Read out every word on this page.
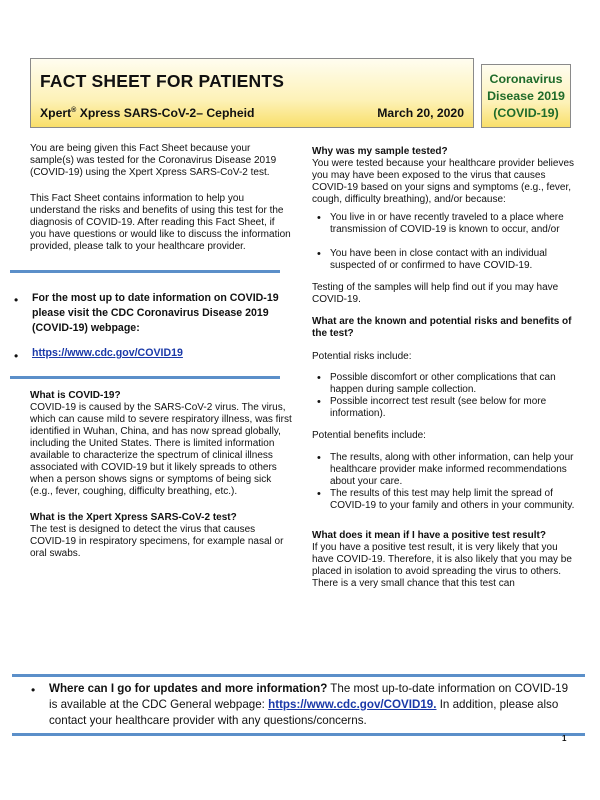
FACT SHEET FOR PATIENTS
Xpert® Xpress SARS-CoV-2– Cepheid	March 20, 2020
Coronavirus
Disease 2019
(COVID-19)
You are being given this Fact Sheet because your sample(s) was tested for the Coronavirus Disease 2019 (COVID-19) using the Xpert Xpress SARS-CoV-2 test.
This Fact Sheet contains information to help you understand the risks and benefits of using this test for the diagnosis of COVID-19. After reading this Fact Sheet, if you have questions or would like to discuss the information provided, please talk to your healthcare provider.
• For the most up to date information on COVID-19 please visit the CDC Coronavirus Disease 2019 (COVID-19) webpage:
• https://www.cdc.gov/COVID19
What is COVID-19?
COVID-19 is caused by the SARS-CoV-2 virus. The virus, which can cause mild to severe respiratory illness, was first identified in Wuhan, China, and has now spread globally, including the United States. There is limited information available to characterize the spectrum of clinical illness associated with COVID-19 but it likely spreads to others when a person shows signs or symptoms of being sick (e.g., fever, coughing, difficulty breathing, etc.).
What is the Xpert Xpress SARS-CoV-2 test?
The test is designed to detect the virus that causes COVID-19 in respiratory specimens, for example nasal or oral swabs.
Why was my sample tested?
You were tested because your healthcare provider believes you may have been exposed to the virus that causes COVID-19 based on your signs and symptoms (e.g., fever, cough, difficulty breathing), and/or because:
• You live in or have recently traveled to a place where transmission of COVID-19 is known to occur, and/or
• You have been in close contact with an individual suspected of or confirmed to have COVID-19.
Testing of the samples will help find out if you may have COVID-19.
What are the known and potential risks and benefits of the test?
Potential risks include:
• Possible discomfort or other complications that can happen during sample collection.
• Possible incorrect test result (see below for more information).
Potential benefits include:
• The results, along with other information, can help your healthcare provider make informed recommendations about your care.
• The results of this test may help limit the spread of COVID-19 to your family and others in your community.
What does it mean if I have a positive test result?
If you have a positive test result, it is very likely that you have COVID-19. Therefore, it is also likely that you may be placed in isolation to avoid spreading the virus to others. There is a very small chance that this test can
• Where can I go for updates and more information? The most up-to-date information on COVID-19 is available at the CDC General webpage: https://www.cdc.gov/COVID19. In addition, please also contact your healthcare provider with any questions/concerns.
1
